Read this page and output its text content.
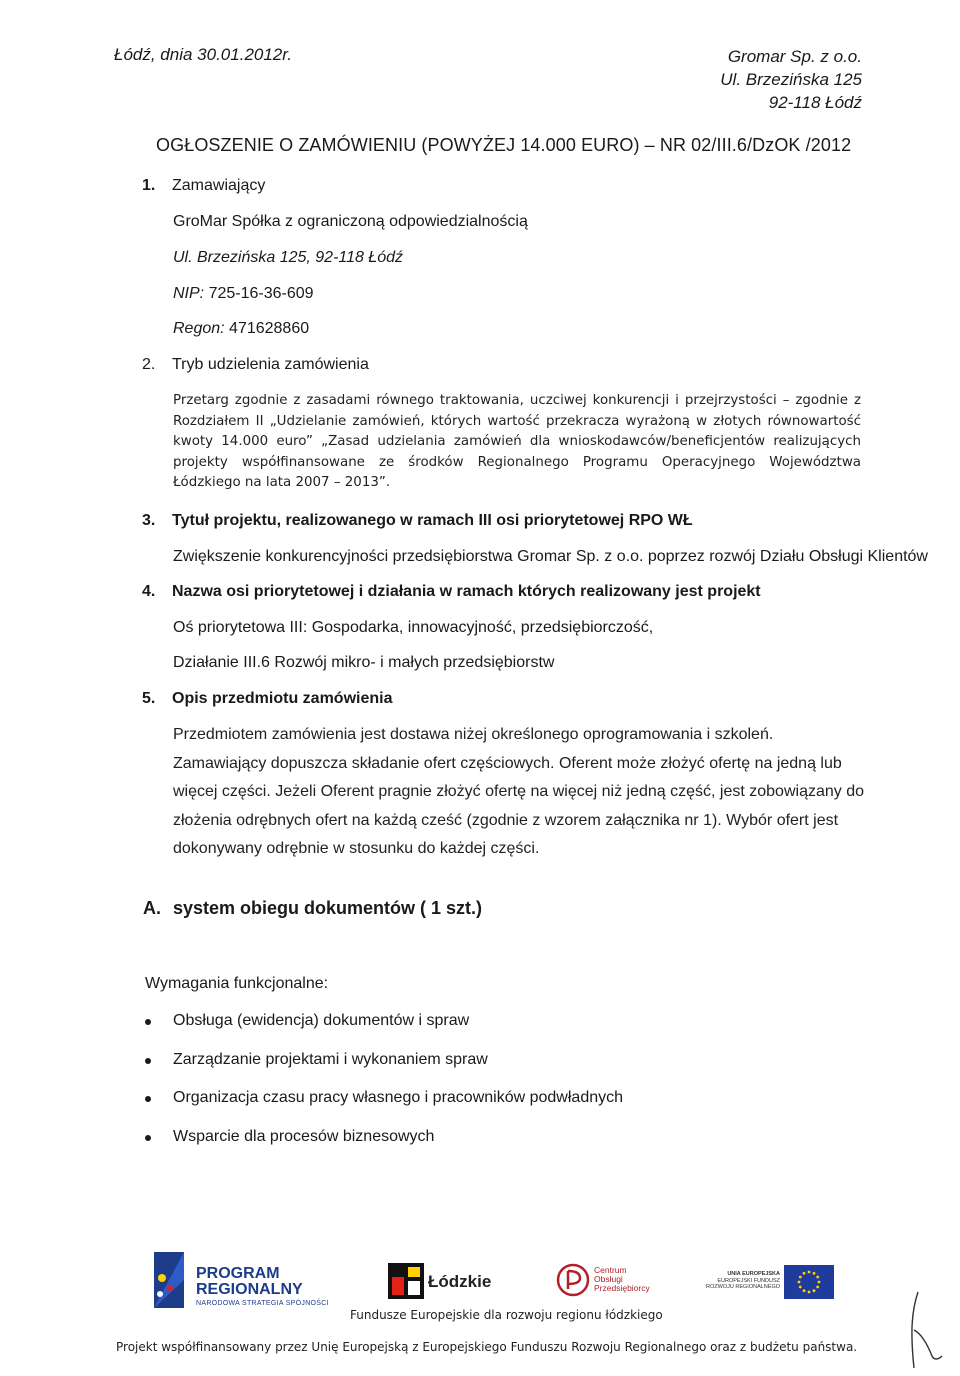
Łódź, dnia 30.01.2012r.	Gromar Sp. z o.o.
Ul. Brzezińska 125
92-118 Łódź
OGŁOSZENIE O ZAMÓWIENIU (POWYŻEJ 14.000 EURO) – NR 02/III.6/DzOK /2012
1. Zamawiający
GroMar Spółka z ograniczoną odpowiedzialnością
Ul. Brzezińska 125, 92-118 Łódź
NIP: 725-16-36-609
Regon: 471628860
2. Tryb udzielenia zamówienia
Przetarg zgodnie z zasadami równego traktowania, uczciwej konkurencji i przejrzystości – zgodnie z Rozdziałem II „Udzielanie zamówień, których wartość przekracza wyrażoną w złotych równowartość kwoty 14.000 euro” „Zasad udzielania zamówień dla wnioskodawców/beneficjentów realizujących projekty współfinansowane ze środków Regionalnego Programu Operacyjnego Województwa Łódzkiego na lata 2007 – 2013”.
3. Tytuł projektu, realizowanego w ramach III osi priorytetowej RPO WŁ
Zwiększenie konkurencyjności przedsiębiorstwa Gromar Sp. z o.o. poprzez rozwój Działu Obsługi Klientów
4. Nazwa osi priorytetowej i działania w ramach których realizowany jest projekt
Oś priorytetowa III: Gospodarka, innowacyjność, przedsiębiorczość,
Działanie III.6 Rozwój mikro- i małych przedsiębiorstw
5. Opis przedmiotu zamówienia
Przedmiotem zamówienia jest dostawa niżej określonego oprogramowania i szkoleń. Zamawiający dopuszcza składanie ofert częściowych. Oferent może złożyć ofertę na jedną lub więcej części. Jeżeli Oferent pragnie złożyć ofertę na więcej niż jedną część, jest zobowiązany do złożenia odrębnych ofert na każdą cześć (zgodnie z wzorem załącznika nr 1). Wybór ofert jest dokonywany odrębnie w stosunku do każdej części.
A. system obiegu dokumentów ( 1 szt.)
Wymagania funkcjonalne:
Obsługa (ewidencja) dokumentów i spraw
Zarządzanie projektami i wykonaniem spraw
Organizacja czasu pracy własnego i pracowników podwładnych
Wsparcie dla procesów biznesowych
PROGRAM
REGIONALNY
NARODOWA STRATEGIA SPÓJNOŚCI
Łódzkie
Centrum
Obsługi
Przedsiębiorcy
UNIA EUROPEJSKA
EUROPEJSKI FUNDUSZ
ROZWOJU REGIONALNEGO
Fundusze Europejskie dla rozwoju regionu łódzkiego
Projekt współfinansowany przez Unię Europejską z Europejskiego Funduszu Rozwoju Regionalnego oraz z budżetu państwa.
